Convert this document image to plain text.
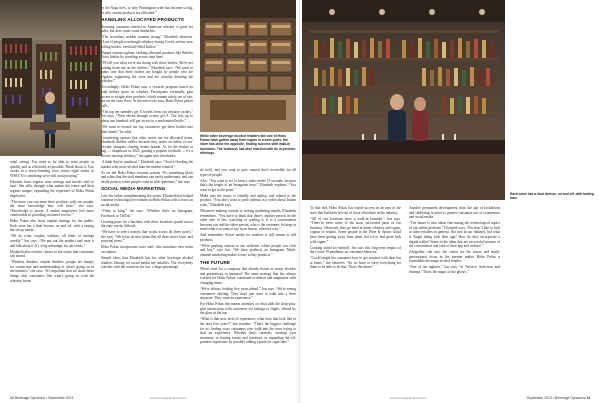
retail setting. You need to be able to train people as quickly and as efficiently as possible. Think about it: Two weeks in a micro-learning class versus eight weeks in WSET. It's something we're still incorporating.”

Edwards hosts regular wine tastings and invites staff to taste. She talks through what makes the wines and their regions unique, expanding the repertoire of Hobo Pokas employees.

“The more you can taste these products with our people, the more knowledge they will have,” she says. “Knowledge is power. It makes employees feel more comfortable in providing customer service.”

Hobo Pokas also hosts regular tastings for the public. Each store has a dual license, on and off, with a tasting bar set up inside.

“We do wine, tequila, whiskey, all kinds of tastings weekly,” Jon says. “We put out the product and taste it and talk about it. It's a big advantage for our stores.”

Elizabeth also teaches classes in the stores that customers can attend.

“Whiskey drinkers, tequila drinkers, people are hungry for connection and understanding of what's going on in the industry,” she says. “It's important that we share these things with customers; like what's going on with the whiskey boom

or the Napa fires, or why Washington wine has become so big, or why certain products are allocated.”

HANDLING ALLOCATED PRODUCTS

Booming consumer interest in American whiskey is great for sales, but does cause some headaches.

“The secondary market remains strong,” Elizabeth observes. “Lots of people overbought whiskey during Covid, and are now selling bottles, even half-filled bottles.”

Flipper remain vigilant, seeking allocated products like Buffalo Trace bottles by traveling across state lines.

“I'll tell you what we're not doing with these bottles. We're not putting them out on the shelves,” Elizabeth says. “We want to make sure that these bottles are bought by people who are regulars supporting the store and are actually drinking the whiskey.”

Accordingly, Hobo Pokas runs a rewards program based on total dollars spent on whiskey. Participants eventually gain access to sought-after products, which remain safely out of site, not on the store floor. At the end of the year, Hobo Pokas places calls.

“The top ten spenders get X bottles from our whiskey caches,” Jon says. “Then eleven through twenty get X. The rest, up to about one hundred, will get access to a randomized bottle.”

“We want to reward our top customers; get these bottles into their hands,” he adds.

Considering options that other stores use for allocated items, Elizabeth dislikes raffles because they invite an influx of out-of-state shoppers chasing trendy brands. As for the basket or bag — ubiquitous in 2023, gaining a popular foothold — it's a slower-moving whiskey,” she again sees drawbacks.

“I think they're unethical,” Elizabeth says. “You're flooding the market with more alcohol than the market wanted.”

As for the Hobo Pokas rewards system, “It's something black and white that the staff members can easily understand, and can easily point to when people come in with questions,” she says.

SOCIAL MEDIA MARKETING

Like her father complementing the stores, Elizabeth has helped continue technological evolution at Hobo Pokas with a focus on social media.

“Video is king,” she says. “Whether that's on Instagram, Facebook or TikTok.”

Creating posts for a business with three locations spread across the state can be difficult.

“We have to select content that works across all three stores,” she says. “We focus on new items that all three stores have, and seasonal items.”

Hobo Pokas incorporates store staff, who introduce new items on camera.

Simple ideas that Elizabeth has for other beverage alcohol retailers filming for social media use subtitles. Not everybody watches with the sound on (in fact, a large percentage

While other beverage alcohol retailers like one of Hobo Pokas have gotten away from cigars in recent years, the store has done the opposite, finding success with walk-in humidors. The business has also reached with its in-premise offerings.

do not!), and you want to post content that's accessible for all types of people.

Also: “You want to try to keep a video under 15 seconds, because that's the length of an Instagram story,” Elizabeth explains. “You want to get to the point.”

Make sure the music is friendly and upbeat, and related to the product. “You don't want to push jadenut in a video about Italian wine,” Elizabeth says.

Whenever making content or writing marketing emails, Elizabeth remembers, “You have to think that there's another person on the other side of this, watching or reading it. It is a conversation between you and the other person, who is the customer. So keep in mind what you want to say in an honest, effective way.”

And remember: Social media for retailers is still meant to sell products.

“We're pushing content to our websites, where people can click and buy,” says Jon. “We have products on Instagram. Multi-channel marketing makes it easy to buy products.”

THE FUTURE

What's next for a company that already boasts so many decades and generations in business? The same strategy that has always worked for Hobo Pokas: continued evolution and adaptation with changing times.

“We're always looking five years ahead,” Jon says. “We're seeing consumers shifting. They don't just want to walk into a store anymore. They want an experience.”

For Hobo Pokas this means attention on what adds the shop-plus; plus interactions with customers via tastings or flights offered by the glass at the bar.

“What is that next level of experience, what does that look like in the next five years?” Jon wonders. “That's the biggest challenge for us: finding ways customers who walk into the store trying to find an experience. Whether that's carefully curating your inventory, or hosting events and functions, or expanding the off-premise experience by possibly adding a patio for cigar fans.”

12 Beverage Dynamics • September 2023	www.beveragedynamics.com
Each store has a dual license, on and off, with tasting bars.

To that end, Hobo Pokas has found success in an area of the store that had been left out of favor elsewhere in the industry.

“All of our locations have a walk-in humidor,” Jon says. “There've been some of the most successful parts of our business. Obviously they go hand in hand: whiskey and cigars, cognac or tequila. Some people in the Wine & Spirits Guild have been getting away from them, but we've had great luck with cigars.”

Looking ahead for himself, Jon says this long-term impact of the Covid-19 pandemic on consumer behavior.

“Covid taught the consumer how to get creative with their bar at home,” she observes. “So we have to carry everything for them to be able to do that. That's the future.”

Another permanent development from the age of lockdowns and sheltering in place is greater consumer use of ecommerce and social media.

“The future is also about fine-tuning the technological aspect of our online platform,” Elizabeth says. “For that, I like to look at other retailers in general. Not just in our industry, but what is Target doing with their app? How do they incorporate a digital wallet? Some of the ideas that are successful because of the convenience and ease of their app and website.”

Altogether, she says the vision for the future and multi-generational focus in the present makes Hobo Pokas a formidable beverage alcohol retailer.

“One of our taglines,” Jon says, “is ‘Service, Selection, and Savings.’ That's the magic of the ghost's.”

September 2023 • Beverage Dynamics 13
www.beveragedynamics.com
